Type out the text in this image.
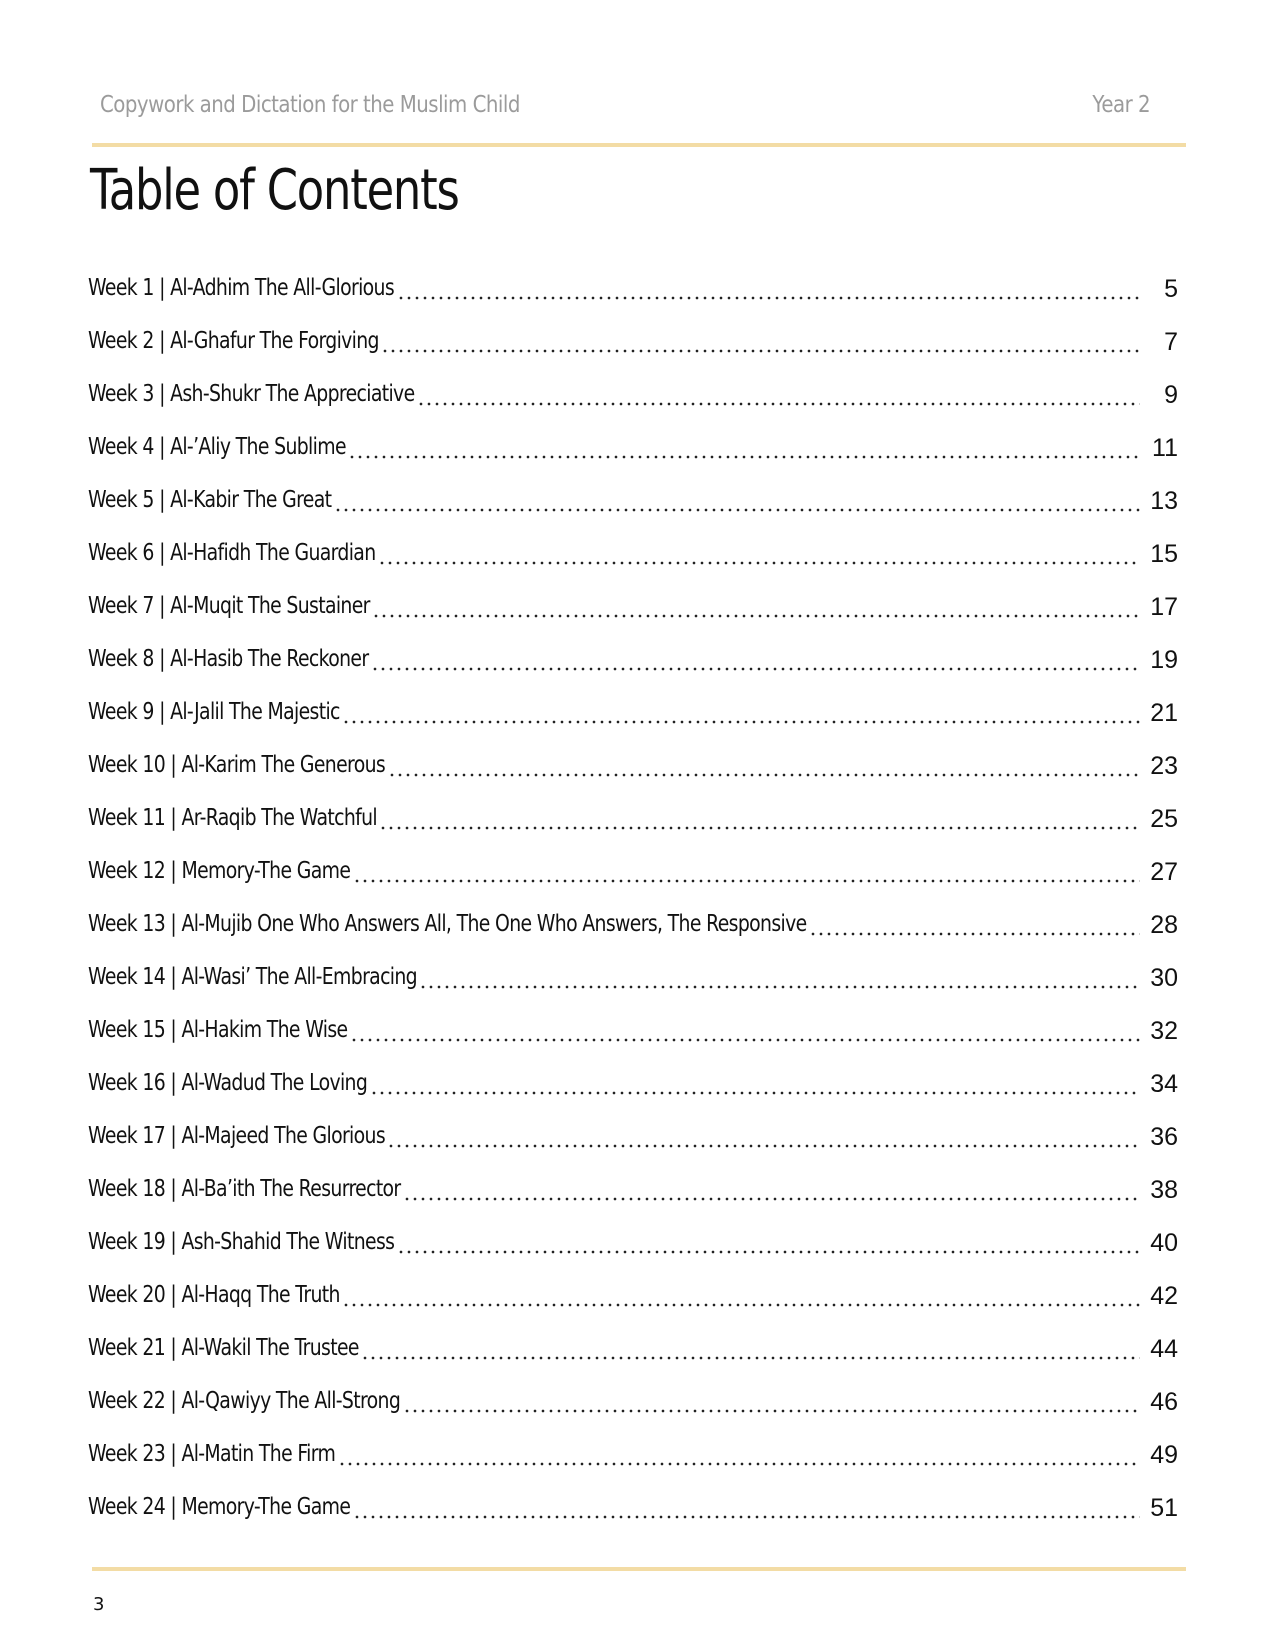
Copywork and Dictation for the Muslim Child	Year 2
Table of Contents
Week 1 | Al-Adhim The All-Glorious	5
Week 2 | Al-Ghafur The Forgiving	7
Week 3 | Ash-Shukr The Appreciative	9
Week 4 | Al-’Aliy The Sublime	11
Week 5 | Al-Kabir The Great	13
Week 6 | Al-Hafidh The Guardian	15
Week 7 | Al-Muqit The Sustainer	17
Week 8 | Al-Hasib The Reckoner	19
Week 9 | Al-Jalil The Majestic	21
Week 10 | Al-Karim The Generous	23
Week 11 | Ar-Raqib The Watchful	25
Week 12 | Memory-The Game	27
Week 13 | Al-Mujib One Who Answers All, The One Who Answers, The Responsive	28
Week 14 | Al-Wasi’ The All-Embracing	30
Week 15 | Al-Hakim The Wise	32
Week 16 | Al-Wadud The Loving	34
Week 17 | Al-Majeed The Glorious	36
Week 18 | Al-Ba’ith The Resurrector	38
Week 19 | Ash-Shahid The Witness	40
Week 20 | Al-Haqq The Truth	42
Week 21 | Al-Wakil The Trustee	44
Week 22 | Al-Qawiyy The All-Strong	46
Week 23 | Al-Matin The Firm	49
Week 24 | Memory-The Game	51
3
